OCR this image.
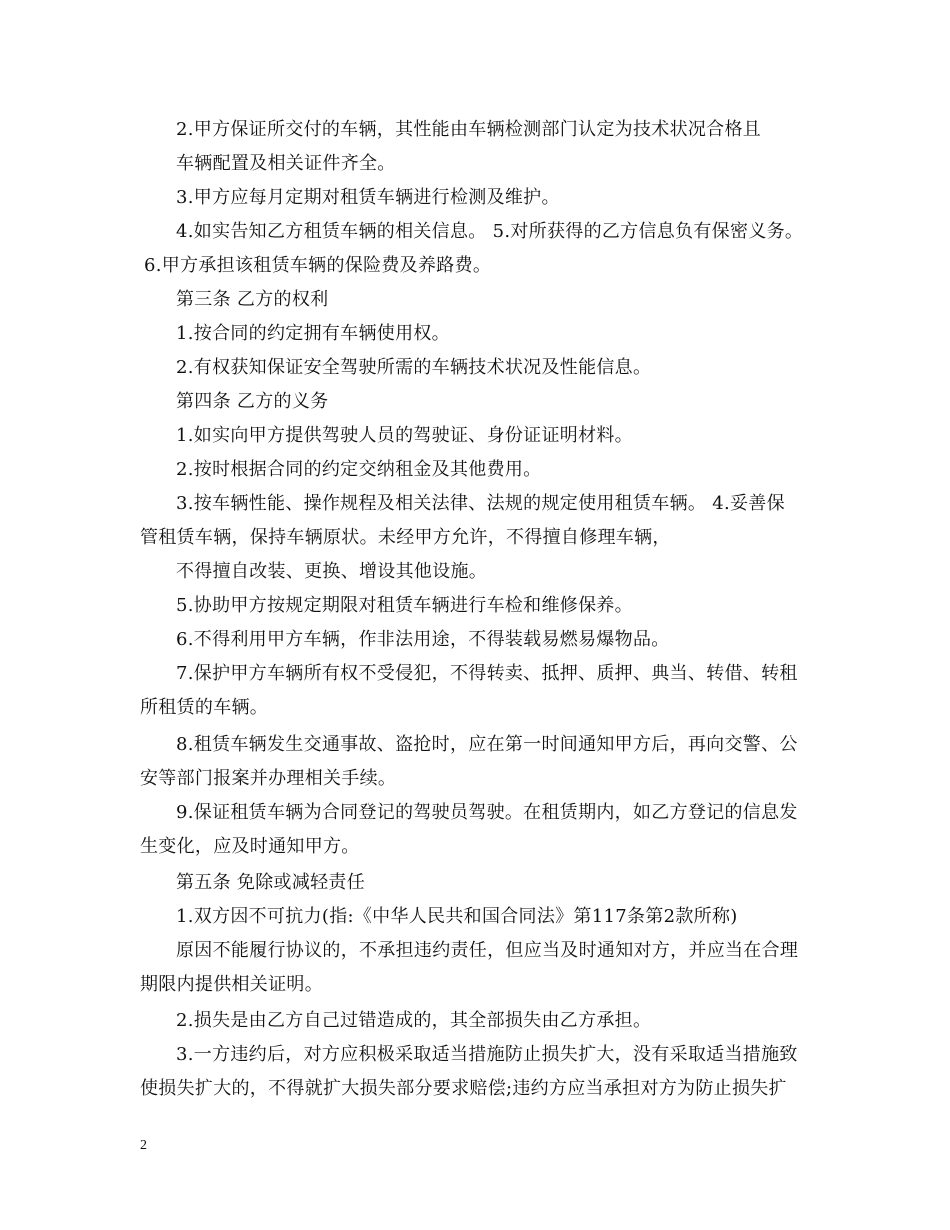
2.甲方保证所交付的车辆，其性能由车辆检测部门认定为技术状况合格且
车辆配置及相关证件齐全。
3.甲方应每月定期对租赁车辆进行检测及维护。
4.如实告知乙方租赁车辆的相关信息。 5.对所获得的乙方信息负有保密义务。
6.甲方承担该租赁车辆的保险费及养路费。
第三条 乙方的权利
1.按合同的约定拥有车辆使用权。
2.有权获知保证安全驾驶所需的车辆技术状况及性能信息。
第四条 乙方的义务
1.如实向甲方提供驾驶人员的驾驶证、身份证证明材料。
2.按时根据合同的约定交纳租金及其他费用。
3.按车辆性能、操作规程及相关法律、法规的规定使用租赁车辆。 4.妥善保
管租赁车辆，保持车辆原状。未经甲方允许，不得擅自修理车辆，
不得擅自改装、更换、增设其他设施。
5.协助甲方按规定期限对租赁车辆进行车检和维修保养。
6.不得利用甲方车辆，作非法用途，不得装载易燃易爆物品。
7.保护甲方车辆所有权不受侵犯，不得转卖、抵押、质押、典当、转借、转租
所租赁的车辆。
8.租赁车辆发生交通事故、盗抢时，应在第一时间通知甲方后，再向交警、公
安等部门报案并办理相关手续。
9.保证租赁车辆为合同登记的驾驶员驾驶。在租赁期内，如乙方登记的信息发
生变化，应及时通知甲方。
第五条 免除或减轻责任
1.双方因不可抗力(指:《中华人民共和国合同法》第117条第2款所称)
原因不能履行协议的，不承担违约责任，但应当及时通知对方，并应当在合理
期限内提供相关证明。
2.损失是由乙方自己过错造成的，其全部损失由乙方承担。
3.一方违约后，对方应积极采取适当措施防止损失扩大，没有采取适当措施致
使损失扩大的，不得就扩大损失部分要求赔偿;违约方应当承担对方为防止损失扩
2
